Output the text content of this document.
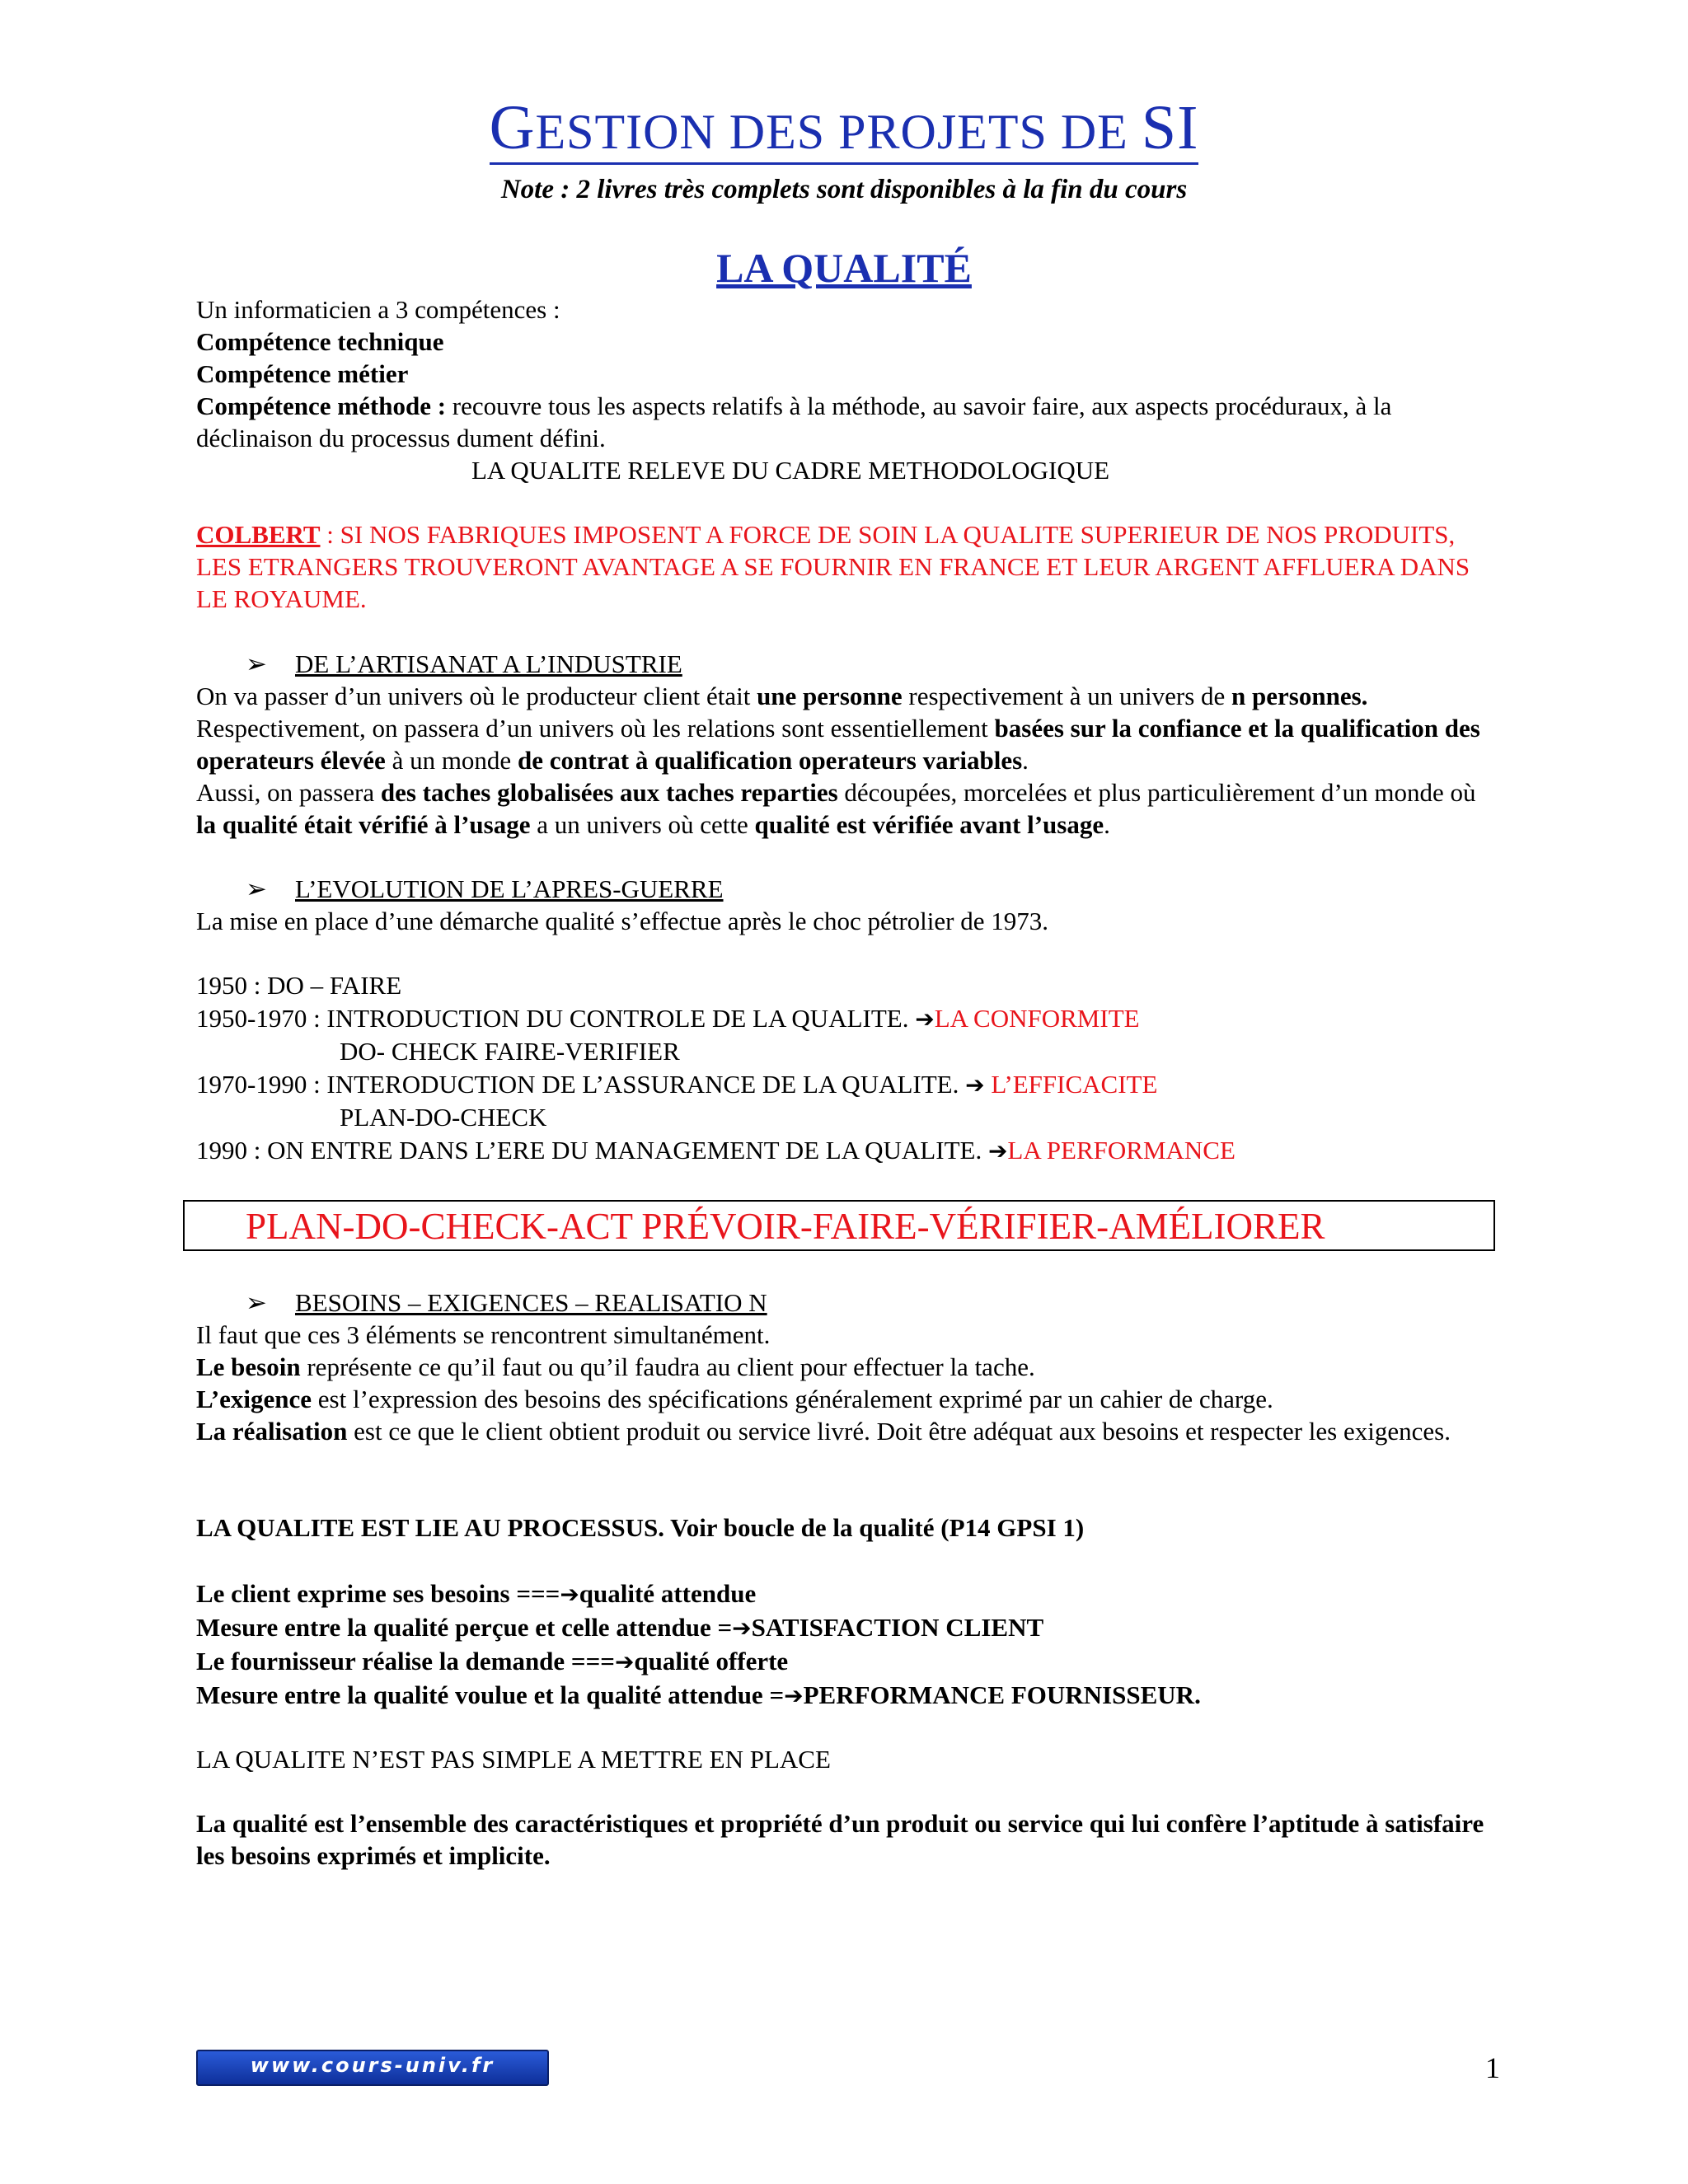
GESTION DES PROJETS DE SI
Note : 2 livres très complets sont disponibles à la fin du cours
LA QUALITÉ
Un informaticien a 3 compétences :
Compétence technique
Compétence métier
Compétence méthode : recouvre tous les aspects relatifs à la méthode, au savoir faire, aux aspects procéduraux, à la déclinaison du processus dument défini.
LA QUALITE RELEVE DU CADRE METHODOLOGIQUE
COLBERT : SI NOS FABRIQUES IMPOSENT A FORCE DE SOIN LA QUALITE SUPERIEUR DE NOS PRODUITS, LES ETRANGERS TROUVERONT AVANTAGE A SE FOURNIR EN FRANCE ET LEUR ARGENT AFFLUERA DANS LE ROYAUME.
➢ DE L’ARTISANAT A L’INDUSTRIE
On va passer d’un univers où le producteur client était une personne respectivement à un univers de n personnes.
Respectivement, on passera d’un univers où les relations sont essentiellement basées sur la confiance et la qualification des operateurs élevée à un monde de contrat à qualification operateurs variables.
Aussi, on passera des taches globalisées aux taches reparties découpées, morcelées et plus particulièrement d’un monde où la qualité était vérifié à l’usage a un univers où cette qualité est vérifiée avant l’usage.
➢ L’EVOLUTION DE L’APRES-GUERRE
La mise en place d’une démarche qualité s’effectue après le choc pétrolier de 1973.
1950 : DO – FAIRE
1950-1970 : INTRODUCTION DU CONTROLE DE LA QUALITE. ➔LA CONFORMITE
DO- CHECK FAIRE-VERIFIER
1970-1990 : INTERODUCTION DE L’ASSURANCE DE LA QUALITE. ➔ L’EFFICACITE
PLAN-DO-CHECK
1990 : ON ENTRE DANS L’ERE DU MANAGEMENT DE LA QUALITE. ➔LA PERFORMANCE
PLAN-DO-CHECK-ACT PRÉVOIR-FAIRE-VÉRIFIER-AMÉLIORER
➢ BESOINS – EXIGENCES – REALISATIO N
Il faut que ces 3 éléments se rencontrent simultanément.
Le besoin représente ce qu’il faut ou qu’il faudra au client pour effectuer la tache.
L’exigence est l’expression des besoins des spécifications généralement exprimé par un cahier de charge.
La réalisation est ce que le client obtient produit ou service livré. Doit être adéquat aux besoins et respecter les exigences.
LA QUALITE EST LIE AU PROCESSUS. Voir boucle de la qualité (P14 GPSI 1)
Le client exprime ses besoins ===➔qualité attendue
Mesure entre la qualité perçue et celle attendue =➔SATISFACTION CLIENT
Le fournisseur réalise la demande ===➔qualité offerte
Mesure entre la qualité voulue et la qualité attendue =➔PERFORMANCE FOURNISSEUR.
LA QUALITE N’EST PAS SIMPLE A METTRE EN PLACE
La qualité est l’ensemble des caractéristiques et propriété d’un produit ou service qui lui confère l’aptitude à satisfaire les besoins exprimés et implicite.
www.cours-univ.fr	1
